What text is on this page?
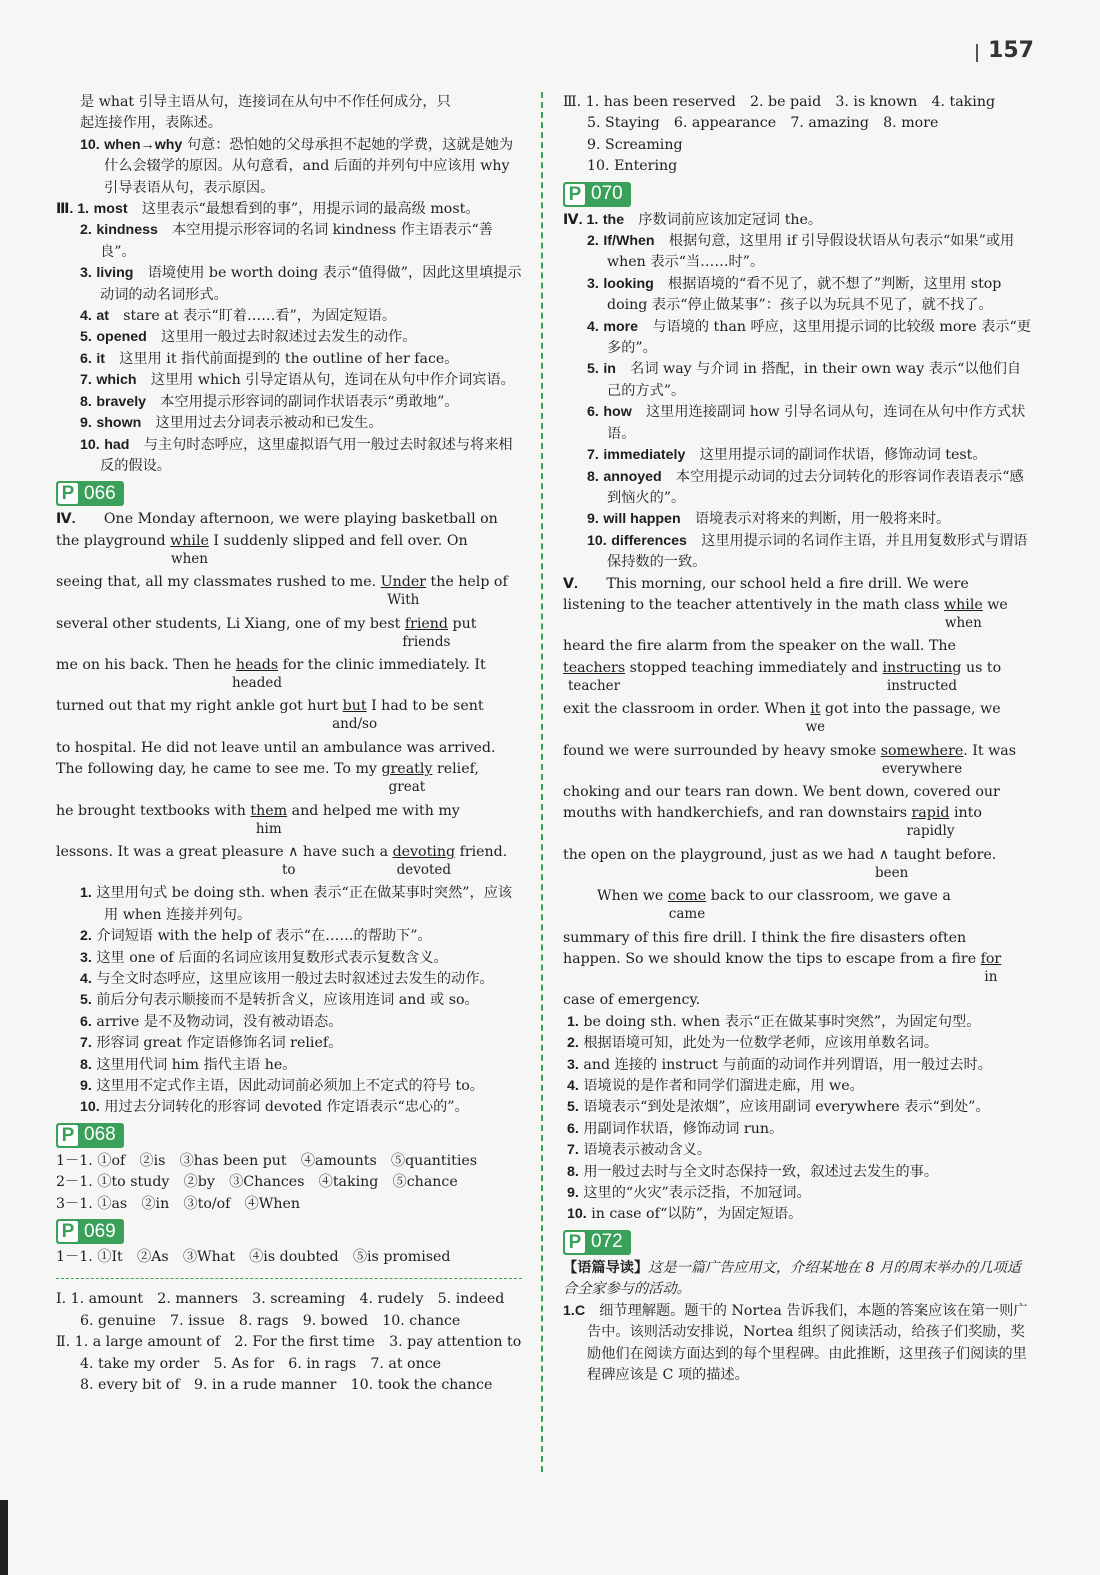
157

是 what 引导主语从句，连接词在从句中不作任何成分，只

起连接作用，表陈述。

10. when→why 句意：恐怕她的父母承担不起她的学费，这就是她为什么会辍学的原因。从句意看，and 后面的并列句中应该用 why 引导表语从句，表示原因。

Ⅲ. 1. most　 这里表示“最想看到的事”，用提示词的最高级 most。

2. kindness　 本空用提示形容词的名词 kindness 作主语表示“善良”。

3. living　 语境使用 be worth doing 表示“值得做”，因此这里填提示动词的动名词形式。

4. at　 stare at 表示“盯着……看”，为固定短语。

5. opened　 这里用一般过去时叙述过去发生的动作。

6. it　 这里用 it 指代前面提到的 the outline of her face。

7. which　 这里用 which 引导定语从句，连词在从句中作介词宾语。

8. bravely　 本空用提示形容词的副词作状语表示“勇敢地”。

9. shown　 这里用过去分词表示被动和已发生。

10. had　 与主句时态呼应，这里虚拟语气用一般过去时叙述与将来相反的假设。

P 066

Ⅳ.　　 One Monday afternoon, we were playing basketball on

the playground while
when
I suddenly slipped and fell over. On

seeing that, all my classmates rushed to me. Under
With
the help of

several other students, Li Xiang, one of my best friend
friends
put

me on his back. Then he heads
headed
for the clinic immediately. It

turned out that my right ankle got hurt but
and/so
I had to be sent

to hospital. He did not leave until an ambulance was arrived.

The following day, he came to see me. To my greatly
great
relief,

he brought textbooks with them
him
and helped me with my

lessons. It was a great pleasure ∧ have such a devoting
devoted
friend.
to

1. 这里用句式 be doing sth. when 表示“正在做某事时突然”，应该用 when 连接并列句。

2. 介词短语 with the help of 表示“在……的帮助下”。

3. 这里 one of 后面的名词应该用复数形式表示复数含义。

4. 与全文时态呼应，这里应该用一般过去时叙述过去发生的动作。

5. 前后分句表示顺接而不是转折含义，应该用连词 and 或 so。

6. arrive 是不及物动词，没有被动语态。

7. 形容词 great 作定语修饰名词 relief。

8. 这里用代词 him 指代主语 he。

9. 这里用不定式作主语，因此动词前必须加上不定式的符号 to。

10. 用过去分词转化的形容词 devoted 作定语表示“忠心的”。

P 068

1－1. ①of　②is　③has been put　④amounts　⑤quantities

2－1. ①to study　②by　③Chances　④taking　⑤chance

3－1. ①as　②in　③to/of　④When

P 069

1－1. ①It　②As　③What　④is doubted　⑤is promised

Ⅰ. 1. amount　2. manners　3. screaming　4. rudely　5. indeed

6. genuine　7. issue　8. rags　9. bowed　10. chance

Ⅱ. 1. a large amount of　2. For the first time　3. pay attention to

4. take my order　5. As for　6. in rags　7. at once

8. every bit of　9. in a rude manner　10. took the chance

Ⅲ. 1. has been reserved　2. be paid　3. is known　4. taking

5. Staying　6. appearance　7. amazing　8. more

9. Screaming

10. Entering

P 070

Ⅳ. 1. the　 序数词前应该加定冠词 the。

2. If/When　 根据句意，这里用 if 引导假设状语从句表示“如果”或用 when 表示“当……时”。

3. looking　 根据语境的“看不见了，就不想了”判断，这里用 stop doing 表示“停止做某事”：孩子以为玩具不见了，就不找了。

4. more　 与语境的 than 呼应，这里用提示词的比较级 more 表示“更多的”。

5. in　 名词 way 与介词 in 搭配，in their own way 表示“以他们自己的方式”。

6. how　 这里用连接副词 how 引导名词从句，连词在从句中作方式状语。

7. immediately　 这里用提示词的副词作状语，修饰动词 test。

8. annoyed　 本空用提示动词的过去分词转化的形容词作表语表示“感到恼火的”。

9. will happen　 语境表示对将来的判断，用一般将来时。

10. differences　 这里用提示词的名词作主语，并且用复数形式与谓语保持数的一致。

Ⅴ.　　 This morning, our school held a fire drill. We were

listening to the teacher attentively in the math class while
when
we

heard the fire alarm from the speaker on the wall. The

teachers
teacher
stopped teaching immediately and instructing
instructed
us to

exit the classroom in order. When $\frac{it}{we}$ got into the passage, we

found we were surrounded by heavy smoke somewhere
everywhere
. It was

choking and our tears ran down. We bent down, covered our

mouths with handkerchiefs, and ran downstairs rapid
rapidly
into

the open on the playground, just as we had ∧ taught before.
been

When we come
came
back to our classroom, we gave a

summary of this fire drill. I think the fire disasters often

happen. So we should know the tips to escape from a fire for
in

case of emergency.

1. be doing sth. when 表示“正在做某事时突然”，为固定句型。

2. 根据语境可知，此处为一位数学老师，应该用单数名词。

3. and 连接的 instruct 与前面的动词作并列谓语，用一般过去时。

4. 语境说的是作者和同学们溜进走廊，用 we。

5. 语境表示“到处是浓烟”，应该用副词 everywhere 表示“到处”。

6. 用副词作状语，修饰动词 run。

7. 语境表示被动含义。

8. 用一般过去时与全文时态保持一致，叙述过去发生的事。

9. 这里的“火灾”表示泛指，不加冠词。

10. in case of“以防”，为固定短语。

P 072

【语篇导读】这是一篇广告应用文，介绍某地在 8 月的周末举办的几项适合全家参与的活动。

1.C　 细节理解题。题干的 Nortea 告诉我们，本题的答案应该在第一则广告中。该则活动安排说，Nortea 组织了阅读活动，给孩子们奖励，奖励他们在阅读方面达到的每个里程碑。由此推断，这里孩子们阅读的里程碑应该是 C 项的描述。
